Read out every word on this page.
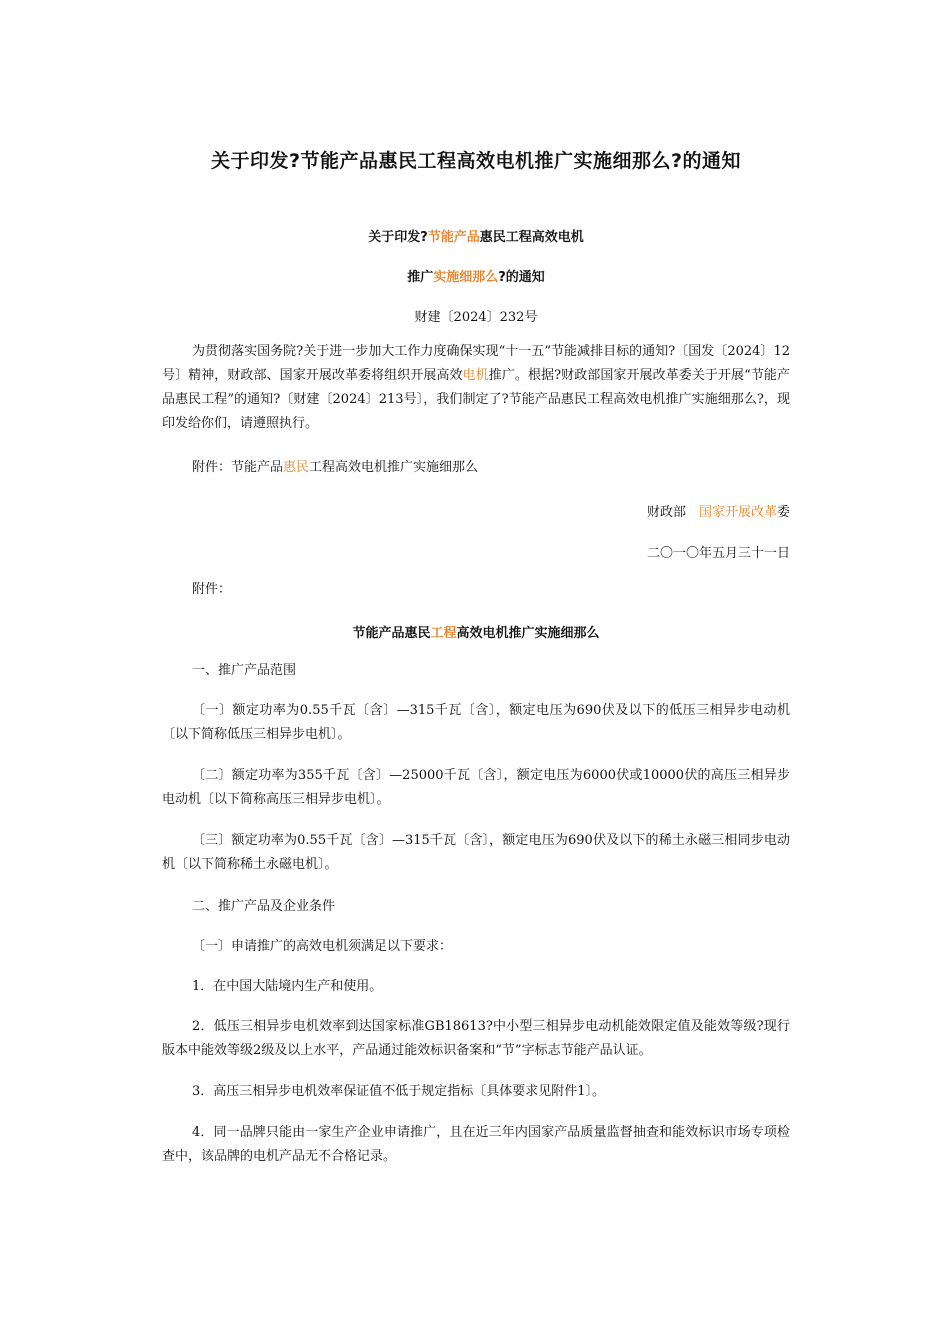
关于印发?节能产品惠民工程高效电机推广实施细那么?的通知

关于印发?节能产品惠民工程高效电机

推广实施细那么?的通知

财建〔2024〕232号

为贯彻落实国务院?关于进一步加大工作力度确保实现“十一五”节能减排目标的通知?〔国发〔2024〕12号〕精神，财政部、国家开展改革委将组织开展高效电机推广。根据?财政部国家开展改革委关于开展“节能产品惠民工程”的通知?〔财建〔2024〕213号〕，我们制定了?节能产品惠民工程高效电机推广实施细那么?，现印发给你们，请遵照执行。

附件：节能产品惠民工程高效电机推广实施细那么

财政部　国家开展改革委

二〇一〇年五月三十一日

附件：

节能产品惠民工程高效电机推广实施细那么

一、推广产品范围

〔一〕额定功率为0.55千瓦〔含〕—315千瓦〔含〕，额定电压为690伏及以下的低压三相异步电动机〔以下简称低压三相异步电机〕。

〔二〕额定功率为355千瓦〔含〕—25000千瓦〔含〕，额定电压为6000伏或10000伏的高压三相异步电动机〔以下简称高压三相异步电机〕。

〔三〕额定功率为0.55千瓦〔含〕—315千瓦〔含〕，额定电压为690伏及以下的稀土永磁三相同步电动机〔以下简称稀土永磁电机〕。

二、推广产品及企业条件

〔一〕申请推广的高效电机须满足以下要求：

1．在中国大陆境内生产和使用。

2．低压三相异步电机效率到达国家标准GB18613?中小型三相异步电动机能效限定值及能效等级?现行版本中能效等级2级及以上水平，产品通过能效标识备案和“节”字标志节能产品认证。

3．高压三相异步电机效率保证值不低于规定指标〔具体要求见附件1〕。

4．同一品牌只能由一家生产企业申请推广，且在近三年内国家产品质量监督抽查和能效标识市场专项检查中，该品牌的电机产品无不合格记录。
